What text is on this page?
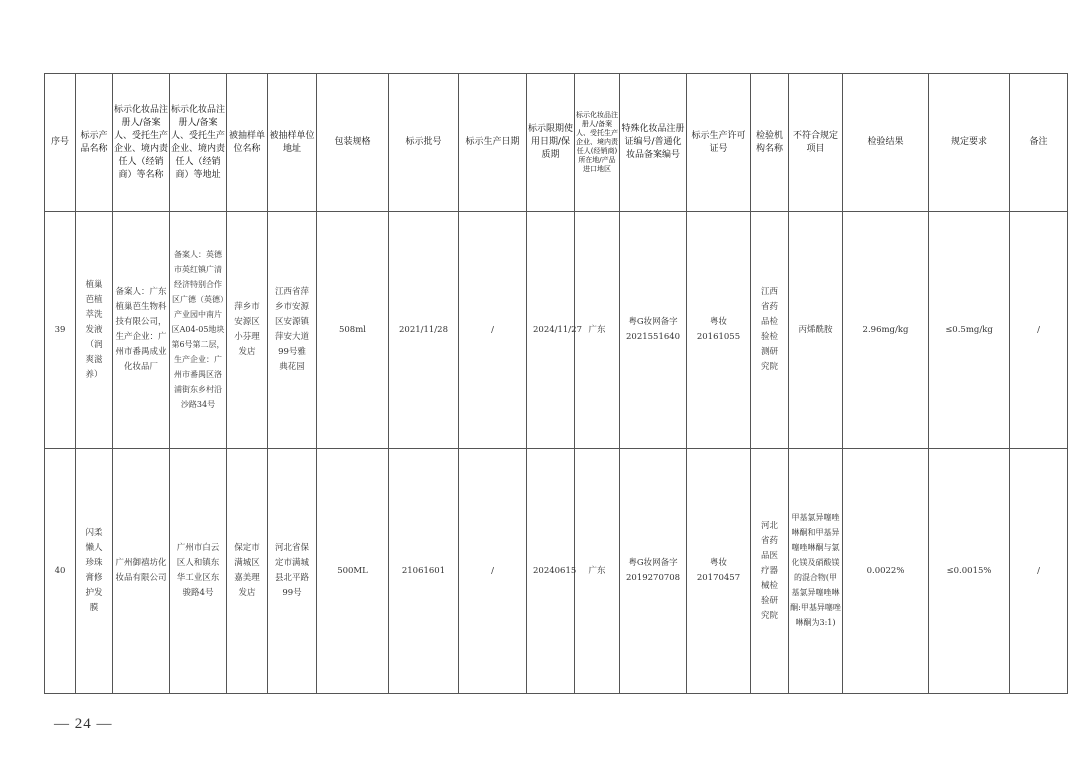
序号	标示产品名称	标示化妆品注册人/备案人、受托生产企业、境内责任人（经销商）等名称	标示化妆品注册人/备案人、受托生产企业、境内责任人（经销商）等地址	被抽样单位名称	被抽样单位地址	包装规格	标示批号	标示生产日期	标示限期使用日期/保质期	标示化妆品注册人/备案人、受托生产企业、境内责任人(经销商)所在地/产品进口地区	特殊化妆品注册证编号/普通化妆品备案编号	标示生产许可证号	检验机构名称	不符合规定项目	检验结果	规定要求	备注
39	植巢芭植萃洗发液（润爽滋养）	备案人：广东植巢芭生物科技有限公司，生产企业：广州市番禺成业化妆品厂	备案人：英德市英红镇广清经济特别合作区广德（英德）产业园中南片区A04-05地块第6号第二层，生产企业：广州市番禺区洛浦街东乡村沿沙路34号	萍乡市安源区小芬理发店	江西省萍乡市安源区安源镇萍安大道99号雅典花园	508ml	2021/11/28	/	2024/11/27	广东	粤G妆网备字2021551640	粤妆20161055	江西省药品检验检测研究院	丙烯酰胺	2.96mg/kg	≤0.5mg/kg	/
40	闪柔懒人珍珠膏修护发膜	广州御禧坊化妆品有限公司	广州市白云区人和镇东华工业区东骏路4号	保定市满城区嘉美理发店	河北省保定市满城县北平路99号	500ML	21061601	/	20240615	广东	粤G妆网备字2019270708	粤妆20170457	河北省药品医疗器械检验研究院	甲基氯异噻唑啉酮和甲基异噻唑啉酮与氯化镁及硝酸镁的混合物(甲基氯异噻唑啉酮:甲基异噻唑啉酮为3:1)	0.0022%	≤0.0015%	/
— 24 —
